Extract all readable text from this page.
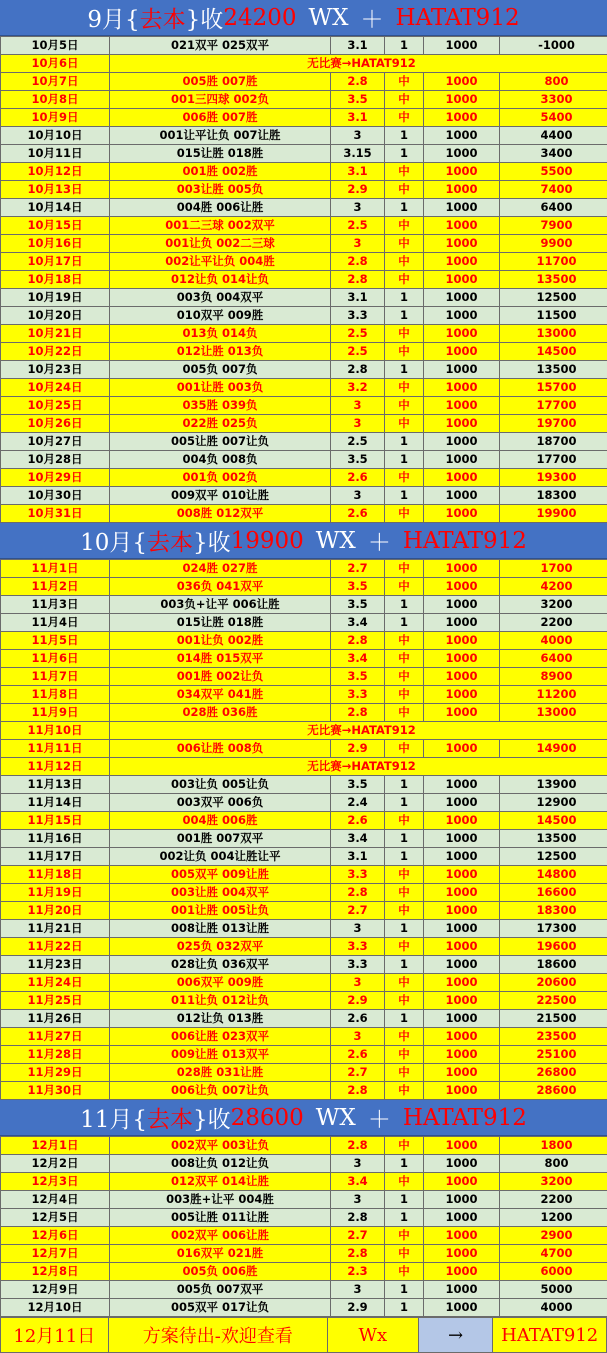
9月{ 去本 }收 24200 WX ＋ HATAT912
10月5日	021双平 025双平	3.1	1	1000	-1000
10月6日	无比赛→HATAT912				
10月7日	005胜 007胜	2.8	中	1000	800
10月8日	001三四球 002负	3.5	中	1000	3300
10月9日	006胜 007胜	3.1	中	1000	5400
10月10日	001让平让负 007让胜	3	1	1000	4400
10月11日	015让胜 018胜	3.15	1	1000	3400
10月12日	001胜 002胜	3.1	中	1000	5500
10月13日	003让胜 005负	2.9	中	1000	7400
10月14日	004胜 006让胜	3	1	1000	6400
10月15日	001二三球 002双平	2.5	中	1000	7900
10月16日	001让负 002二三球	3	中	1000	9900
10月17日	002让平让负 004胜	2.8	中	1000	11700
10月18日	012让负 014让负	2.8	中	1000	13500
10月19日	003负 004双平	3.1	1	1000	12500
10月20日	010双平 009胜	3.3	1	1000	11500
10月21日	013负 014负	2.5	中	1000	13000
10月22日	012让胜 013负	2.5	中	1000	14500
10月23日	005负 007负	2.8	1	1000	13500
10月24日	001让胜 003负	3.2	中	1000	15700
10月25日	035胜 039负	3	中	1000	17700
10月26日	022胜 025负	3	中	1000	19700
10月27日	005让胜 007让负	2.5	1	1000	18700
10月28日	004负 008负	3.5	1	1000	17700
10月29日	001负 002负	2.6	中	1000	19300
10月30日	009双平 010让胜	3	1	1000	18300
10月31日	008胜 012双平	2.6	中	1000	19900
10月{ 去本 }收 19900 WX ＋ HATAT912
11月1日	024胜 027胜	2.7	中	1000	1700
11月2日	036负 041双平	3.5	中	1000	4200
11月3日	003负+让平 006让胜	3.5	1	1000	3200
11月4日	015让胜 018胜	3.4	1	1000	2200
11月5日	001让负 002胜	2.8	中	1000	4000
11月6日	014胜 015双平	3.4	中	1000	6400
11月7日	001胜 002让负	3.5	中	1000	8900
11月8日	034双平 041胜	3.3	中	1000	11200
11月9日	028胜 036胜	2.8	中	1000	13000
11月10日	无比赛→HATAT912				
11月11日	006让胜 008负	2.9	中	1000	14900
11月12日	无比赛→HATAT912				
11月13日	003让负 005让负	3.5	1	1000	13900
11月14日	003双平 006负	2.4	1	1000	12900
11月15日	004胜 006胜	2.6	中	1000	14500
11月16日	001胜 007双平	3.4	1	1000	13500
11月17日	002让负 004让胜让平	3.1	1	1000	12500
11月18日	005双平 009让胜	3.3	中	1000	14800
11月19日	003让胜 004双平	2.8	中	1000	16600
11月20日	001让胜 005让负	2.7	中	1000	18300
11月21日	008让胜 013让胜	3	1	1000	17300
11月22日	025负 032双平	3.3	中	1000	19600
11月23日	028让负 036双平	3.3	1	1000	18600
11月24日	006双平 009胜	3	中	1000	20600
11月25日	011让负 012让负	2.9	中	1000	22500
11月26日	012让负 013胜	2.6	1	1000	21500
11月27日	006让胜 023双平	3	中	1000	23500
11月28日	009让胜 013双平	2.6	中	1000	25100
11月29日	028胜 031让胜	2.7	中	1000	26800
11月30日	006让负 007让负	2.8	中	1000	28600
11月{ 去本 }收 28600 WX ＋ HATAT912
12月1日	002双平 003让负	2.8	中	1000	1800
12月2日	008让负 012让负	3	1	1000	800
12月3日	012双平 014让胜	3.4	中	1000	3200
12月4日	003胜+让平 004胜	3	1	1000	2200
12月5日	005让胜 011让胜	2.8	1	1000	1200
12月6日	002双平 006让胜	2.7	中	1000	2900
12月7日	016双平 021胜	2.8	中	1000	4700
12月8日	005负 006胜	2.3	中	1000	6000
12月9日	005负 007双平	3	1	1000	5000
12月10日	005双平 017让负	2.9	1	1000	4000
12月11日	方案待出-欢迎查看	Wx	→	HATAT912
